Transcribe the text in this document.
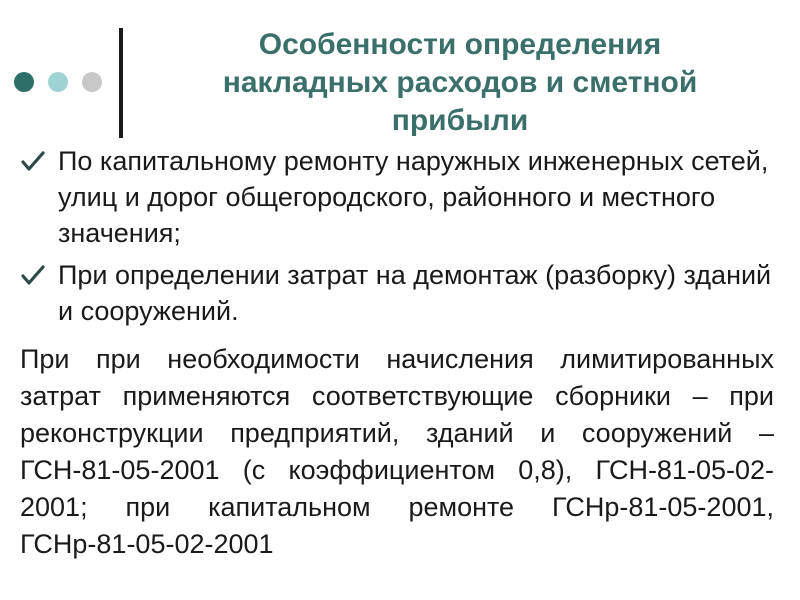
Особенности определения
накладных расходов и сметной
прибыли
По капитальному ремонту наружных инженерных сетей, улиц и дорог общегородского, районного и местного значения;
При определении затрат на демонтаж (разборку) зданий и сооружений.

При при необходимости начисления лимитированных затрат применяются соответствующие сборники – при реконструкции предприятий, зданий и сооружений – ГСН-81-05-2001 (с коэффициентом 0,8), ГСН-81-05-02-2001; при капитальном ремонте ГСНр-81-05-2001, ГСНр-81-05-02-2001
